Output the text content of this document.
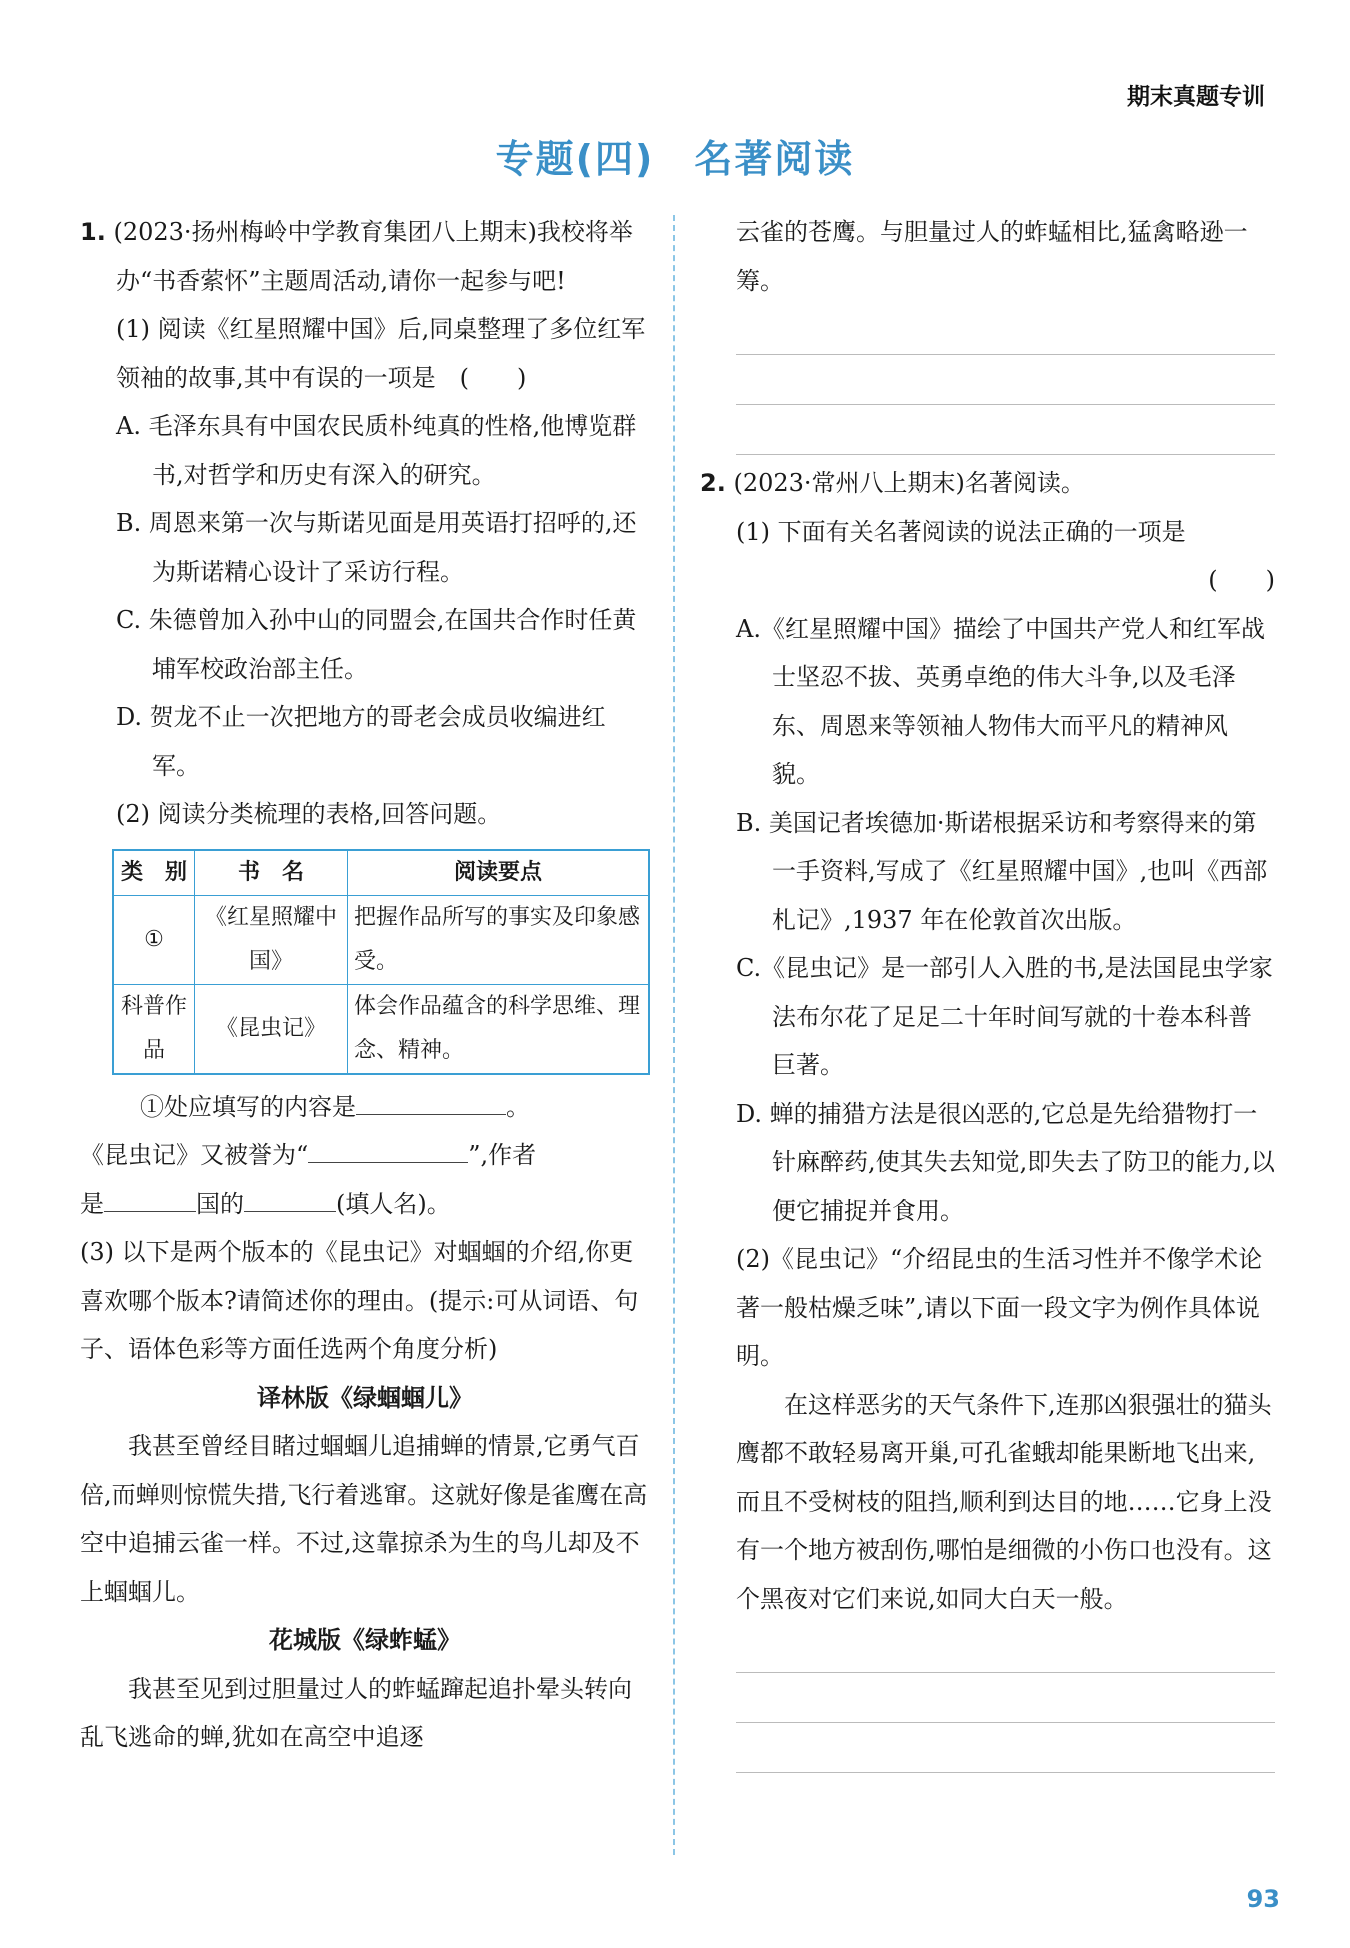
期末真题专训
专题(四)　名著阅读

1. (2023·扬州梅岭中学教育集团八上期末)我校将举办“书香萦怀”主题周活动,请你一起参与吧!

(1) 阅读《红星照耀中国》后,同桌整理了多位红军领袖的故事,其中有误的一项是　(　　)

A. 毛泽东具有中国农民质朴纯真的性格,他博览群书,对哲学和历史有深入的研究。

B. 周恩来第一次与斯诺见面是用英语打招呼的,还为斯诺精心设计了采访行程。

C. 朱德曾加入孙中山的同盟会,在国共合作时任黄埔军校政治部主任。

D. 贺龙不止一次把地方的哥老会成员收编进红军。

(2) 阅读分类梳理的表格,回答问题。

类　别	书　名	阅读要点
①	《红星照耀中国》	把握作品所写的事实及印象感受。
科普作品	《昆虫记》	体会作品蕴含的科学思维、理念、精神。

①处应填写的内容是	。

《昆虫记》又被誉为“	”,作者

是	国的	(填人名)。

(3) 以下是两个版本的《昆虫记》对蝈蝈的介绍,你更喜欢哪个版本?请简述你的理由。(提示:可从词语、句子、语体色彩等方面任选两个角度分析)

译林版《绿蝈蝈儿》

我甚至曾经目睹过蝈蝈儿追捕蝉的情景,它勇气百倍,而蝉则惊慌失措,飞行着逃窜。这就好像是雀鹰在高空中追捕云雀一样。不过,这靠掠杀为生的鸟儿却及不上蝈蝈儿。

花城版《绿蚱蜢》

我甚至见到过胆量过人的蚱蜢蹿起追扑晕头转向乱飞逃命的蝉,犹如在高空中追逐

云雀的苍鹰。与胆量过人的蚱蜢相比,猛禽略逊一筹。

2. (2023·常州八上期末)名著阅读。

(1) 下面有关名著阅读的说法正确的一项是

(　　)

A.《红星照耀中国》描绘了中国共产党人和红军战士坚忍不拔、英勇卓绝的伟大斗争,以及毛泽东、周恩来等领袖人物伟大而平凡的精神风貌。

B. 美国记者埃德加·斯诺根据采访和考察得来的第一手资料,写成了《红星照耀中国》,也叫《西部札记》,1937 年在伦敦首次出版。

C.《昆虫记》是一部引人入胜的书,是法国昆虫学家法布尔花了足足二十年时间写就的十卷本科普巨著。

D. 蝉的捕猎方法是很凶恶的,它总是先给猎物打一针麻醉药,使其失去知觉,即失去了防卫的能力,以便它捕捉并食用。

(2)《昆虫记》“介绍昆虫的生活习性并不像学术论著一般枯燥乏味”,请以下面一段文字为例作具体说明。

在这样恶劣的天气条件下,连那凶狠强壮的猫头鹰都不敢轻易离开巢,可孔雀蛾却能果断地飞出来,而且不受树枝的阻挡,顺利到达目的地……它身上没有一个地方被刮伤,哪怕是细微的小伤口也没有。这个黑夜对它们来说,如同大白天一般。

93
